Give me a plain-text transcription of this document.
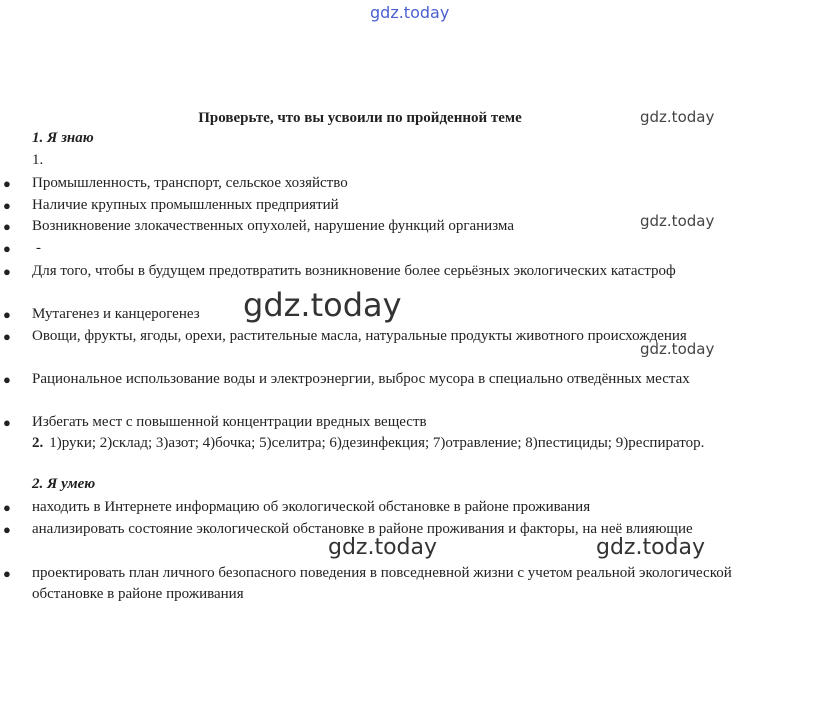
gdz.today
Проверьте, что вы усвоили по пройденной теме
1. Я знаю
1.
● Промышленность, транспорт, сельское хозяйство
● Наличие крупных промышленных предприятий
● Возникновение злокачественных опухолей, нарушение функций организма
● -
● Для того, чтобы в будущем предотвратить возникновение более серьёзных экологических катастроф
● Мутагенез и канцерогенез
● Овощи, фрукты, ягоды, орехи, растительные масла, натуральные продукты животного происхождения
● Рациональное использование воды и электроэнергии, выброс мусора в специально отведённых местах
● Избегать мест с повышенной концентрации вредных веществ
2. 1)руки; 2)склад; 3)азот; 4)бочка; 5)селитра; 6)дезинфекция; 7)отравление; 8)пестициды; 9)респиратор.
2. Я умею
● находить в Интернете информацию об экологической обстановке в районе проживания
● анализировать состояние экологической обстановке в районе проживания и факторы, на неё влияющие
● проектировать план личного безопасного поведения в повседневной жизни с учетом реальной экологической обстановке в районе проживания
gdz.today
gdz.today
gdz.today
gdz.today
gdz.today	gdz.today
